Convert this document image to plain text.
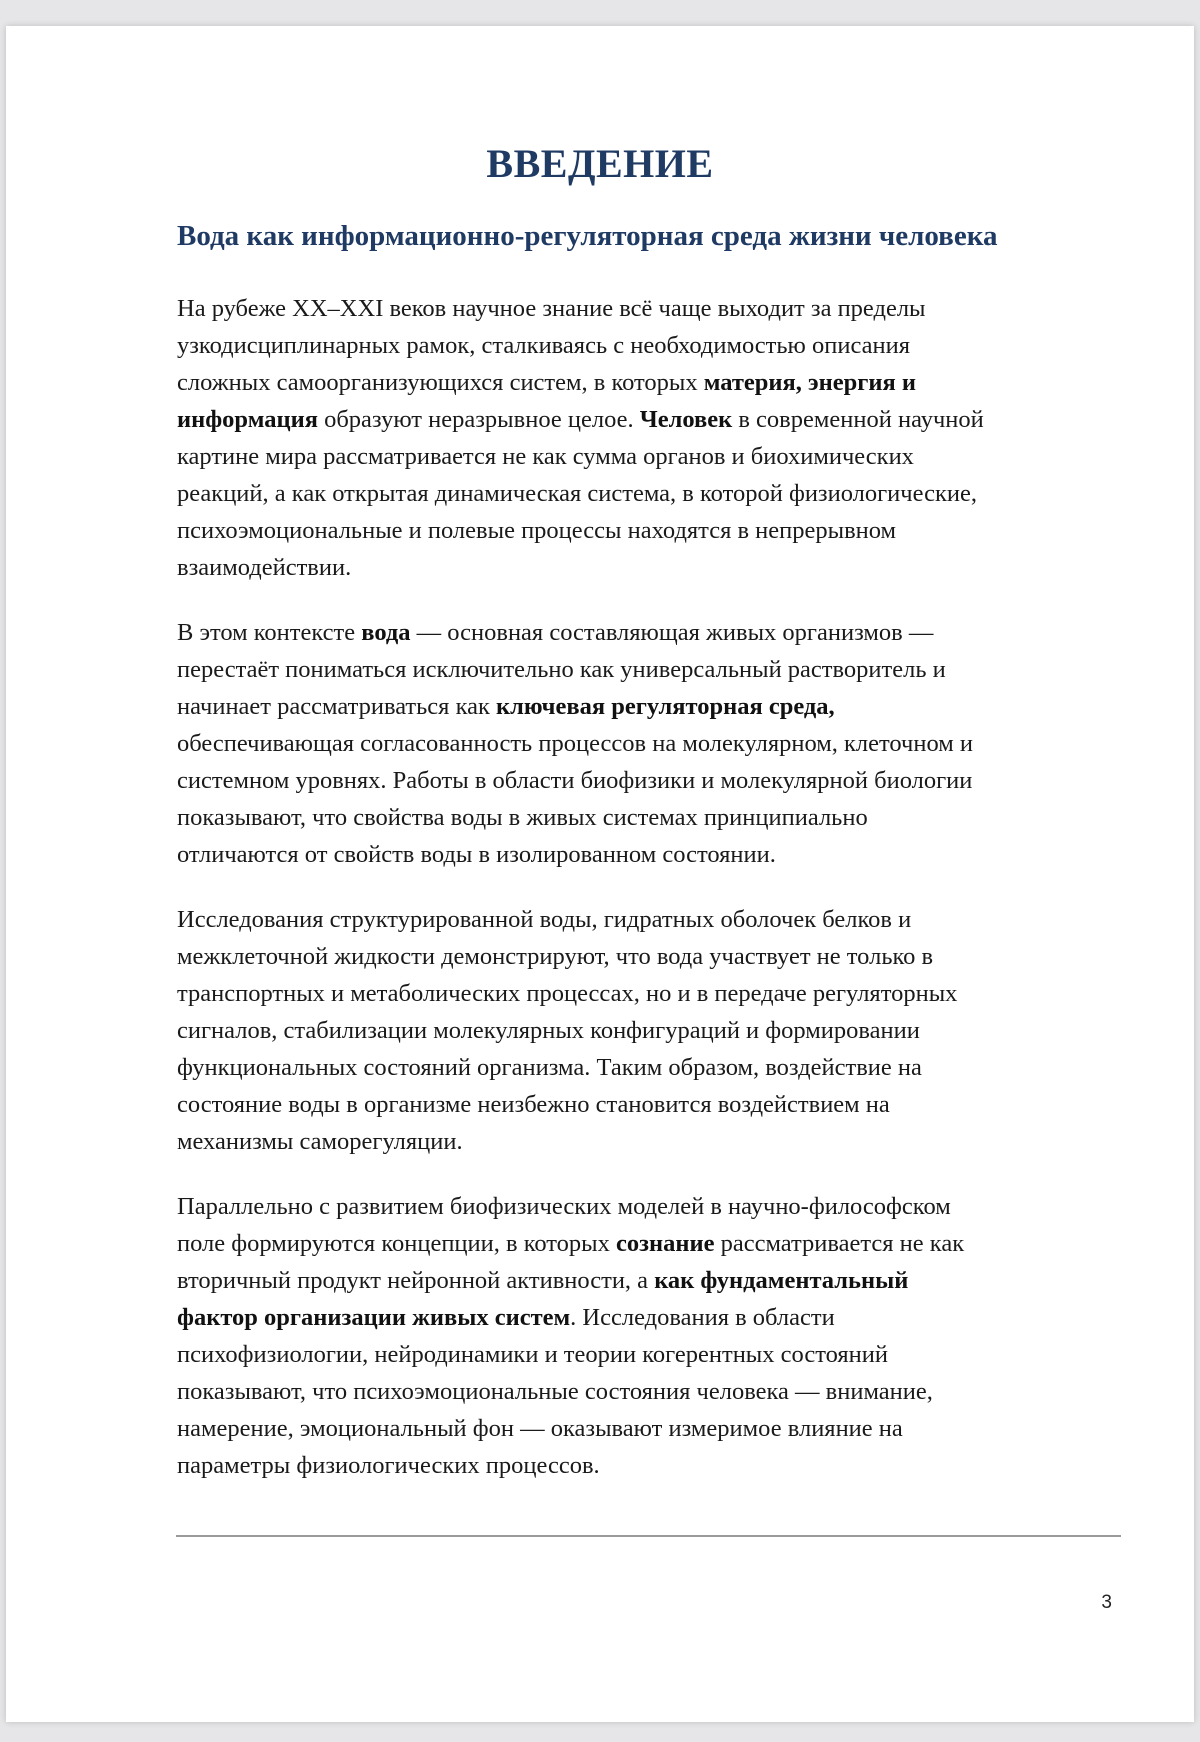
ВВЕДЕНИЕ
Вода как информационно-регуляторная среда жизни человека

На рубеже XX–XXI веков научное знание всё чаще выходит за пределы
узкодисциплинарных рамок, сталкиваясь с необходимостью описания
сложных самоорганизующихся систем, в которых материя, энергия и
информация образуют неразрывное целое. Человек в современной научной
картине мира рассматривается не как сумма органов и биохимических
реакций, а как открытая динамическая система, в которой физиологические,
психоэмоциональные и полевые процессы находятся в непрерывном
взаимодействии.

В этом контексте вода — основная составляющая живых организмов —
перестаёт пониматься исключительно как универсальный растворитель и
начинает рассматриваться как ключевая регуляторная среда,
обеспечивающая согласованность процессов на молекулярном, клеточном и
системном уровнях. Работы в области биофизики и молекулярной биологии
показывают, что свойства воды в живых системах принципиально
отличаются от свойств воды в изолированном состоянии.

Исследования структурированной воды, гидратных оболочек белков и
межклеточной жидкости демонстрируют, что вода участвует не только в
транспортных и метаболических процессах, но и в передаче регуляторных
сигналов, стабилизации молекулярных конфигураций и формировании
функциональных состояний организма. Таким образом, воздействие на
состояние воды в организме неизбежно становится воздействием на
механизмы саморегуляции.

Параллельно с развитием биофизических моделей в научно-философском
поле формируются концепции, в которых сознание рассматривается не как
вторичный продукт нейронной активности, а как фундаментальный
фактор организации живых систем. Исследования в области
психофизиологии, нейродинамики и теории когерентных состояний
показывают, что психоэмоциональные состояния человека — внимание,
намерение, эмоциональный фон — оказывают измеримое влияние на
параметры физиологических процессов.

3
